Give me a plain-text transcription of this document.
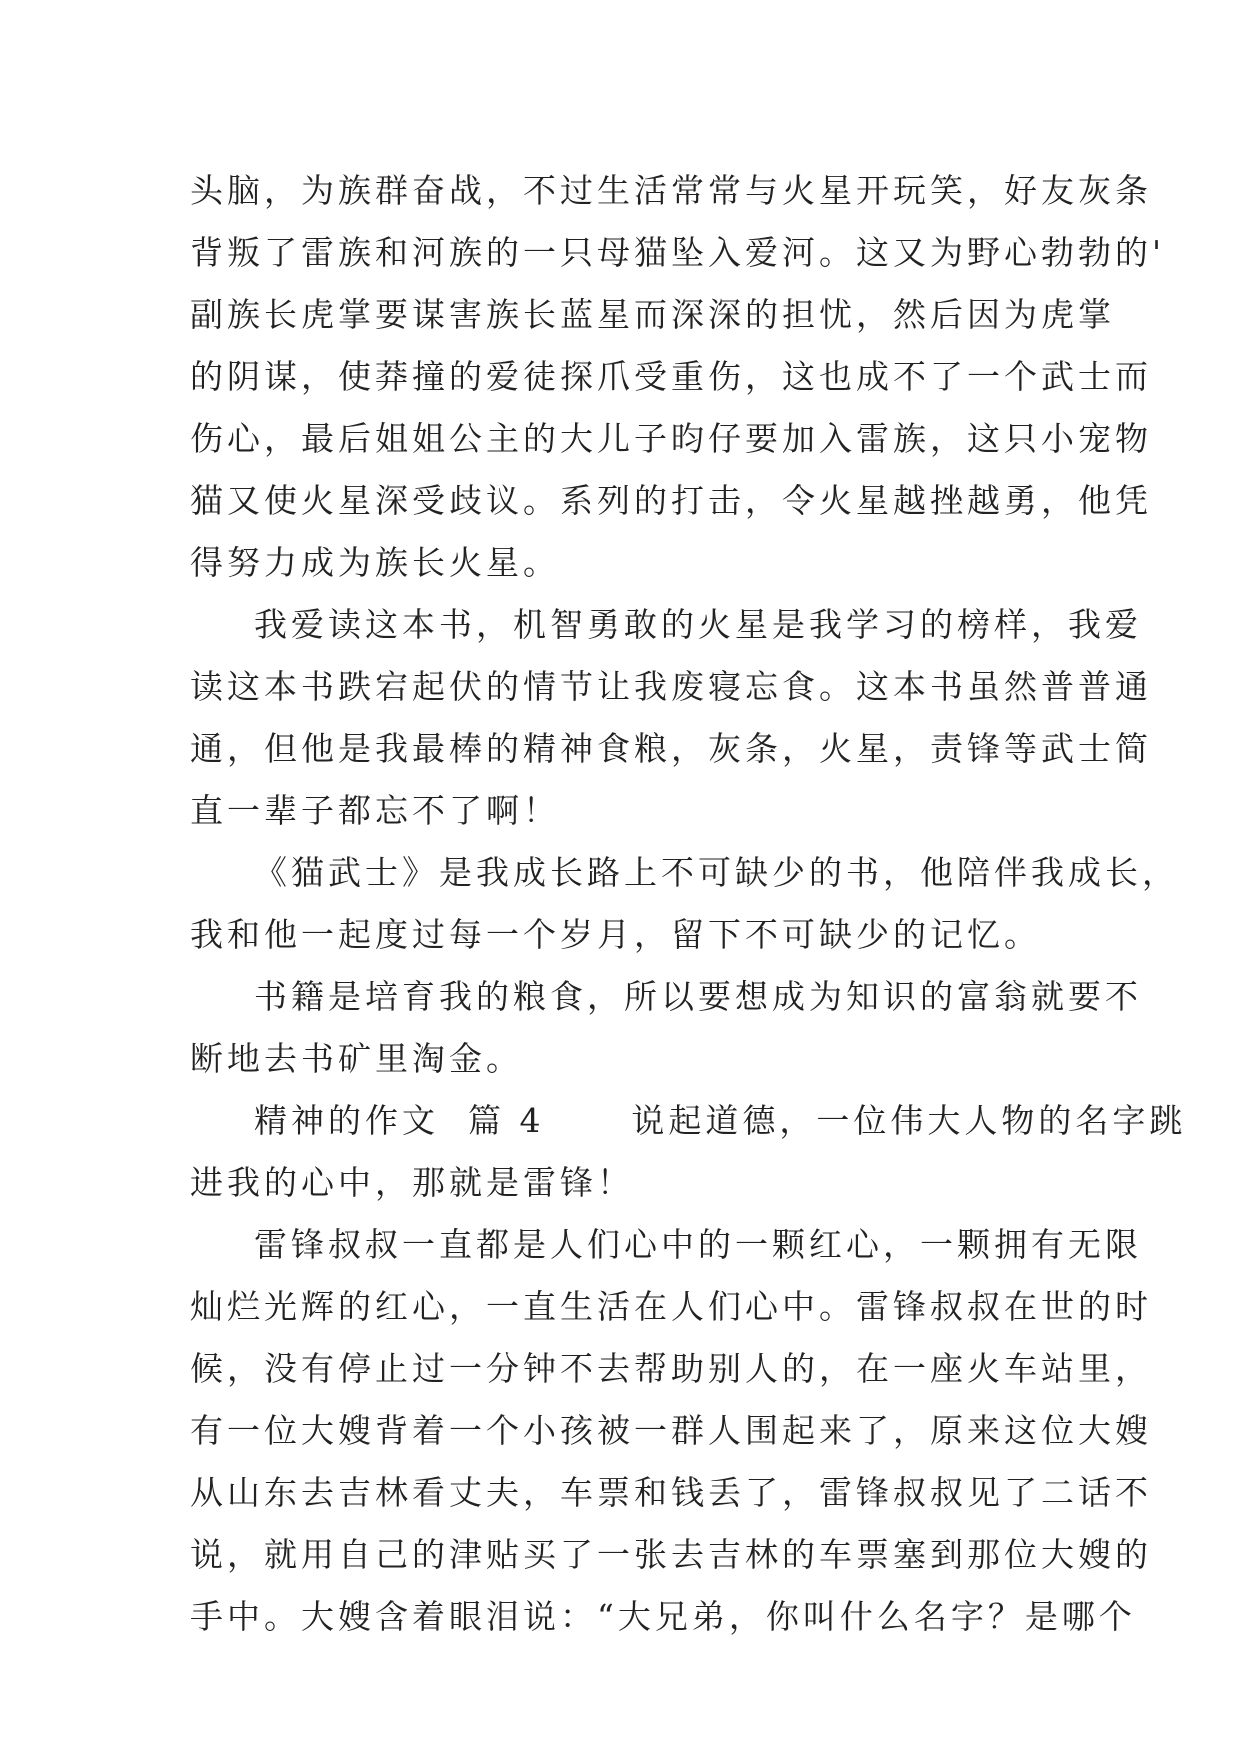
头脑，为族群奋战，不过生活常常与火星开玩笑，好友灰条
背叛了雷族和河族的一只母猫坠入爱河。这又为野心勃勃的'
副族长虎掌要谋害族长蓝星而深深的担忧，然后因为虎掌
的阴谋，使莽撞的爱徒探爪受重伤，这也成不了一个武士而
伤心，最后姐姐公主的大儿子昀仔要加入雷族，这只小宠物
猫又使火星深受歧议。系列的打击，令火星越挫越勇，他凭
得努力成为族长火星。
我爱读这本书，机智勇敢的火星是我学习的榜样，我爱
读这本书跌宕起伏的情节让我废寝忘食。这本书虽然普普通
通，但他是我最棒的精神食粮，灰条，火星，责锋等武士简
直一辈子都忘不了啊！
《猫武士》是我成长路上不可缺少的书，他陪伴我成长，
我和他一起度过每一个岁月，留下不可缺少的记忆。
书籍是培育我的粮食，所以要想成为知识的富翁就要不
断地去书矿里淘金。
精神的作文  篇 4      说起道德，一位伟大人物的名字跳
进我的心中，那就是雷锋！
雷锋叔叔一直都是人们心中的一颗红心，一颗拥有无限
灿烂光辉的红心，一直生活在人们心中。雷锋叔叔在世的时
候，没有停止过一分钟不去帮助别人的，在一座火车站里，
有一位大嫂背着一个小孩被一群人围起来了，原来这位大嫂
从山东去吉林看丈夫，车票和钱丢了，雷锋叔叔见了二话不
说，就用自己的津贴买了一张去吉林的车票塞到那位大嫂的
手中。大嫂含着眼泪说：“大兄弟，你叫什么名字？是哪个
